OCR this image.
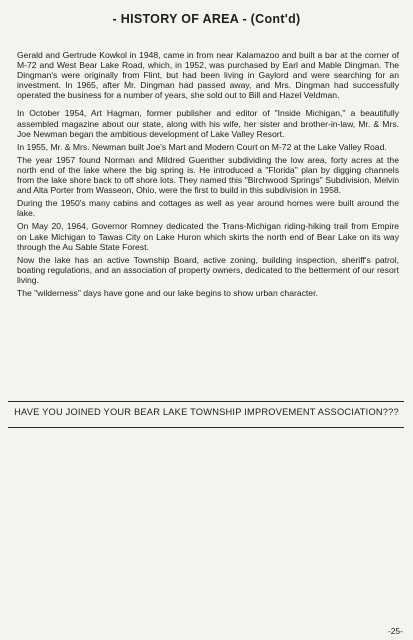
- HISTORY OF AREA - (Cont'd)

Gerald and Gertrude Kowkol in 1948, came in from near Kalamazoo and built a bar at the corner of M-72 and West Bear Lake Road, which, in 1952, was purchased by Earl and Mable Dingman. The Dingman's were originally from Flint, but had been living in Gaylord and were searching for an investment. In 1965, after Mr. Dingman had passed away, and Mrs. Dingman had successfully operated the business for a number of years, she sold out to Bill and Hazel Veldman.

In October 1954, Art Hagman, former publisher and editor of "Inside Michigan," a beautifully assembled magazine about our state, along with his wife, her sister and brother-in-law, Mr. & Mrs. Joe Newman began the ambitious development of Lake Valley Resort.

In 1955, Mr. & Mrs. Newman built Joe's Mart and Modern Court on M-72 at the Lake Valley Road.

The year 1957 found Norman and Mildred Guenther subdividing the low area, forty acres at the north end of the lake where the big spring is. He introduced a "Florida" plan by digging channels from the lake shore back to off shore lots. They named this "Birchwood Springs" Subdivision. Melvin and Alta Porter from Wasseon, Ohio, were the first to build in this subdivision in 1958.

During the 1950's many cabins and cottages as well as year around homes were built around the lake.

On May 20, 1964, Governor Romney dedicated the Trans-Michigan riding-hiking trail from Empire on Lake Michigan to Tawas City on Lake Huron which skirts the north end of Bear Lake on its way through the Au Sable State Forest.

Now the lake has an active Township Board, active zoning, building inspection, sheriff's patrol, boating regulations, and an association of property owners, dedicated to the betterment of our resort living.

The "wilderness" days have gone and our lake begins to show urban character.

HAVE YOU JOINED YOUR BEAR LAKE TOWNSHIP IMPROVEMENT ASSOCIATION???
-25-
